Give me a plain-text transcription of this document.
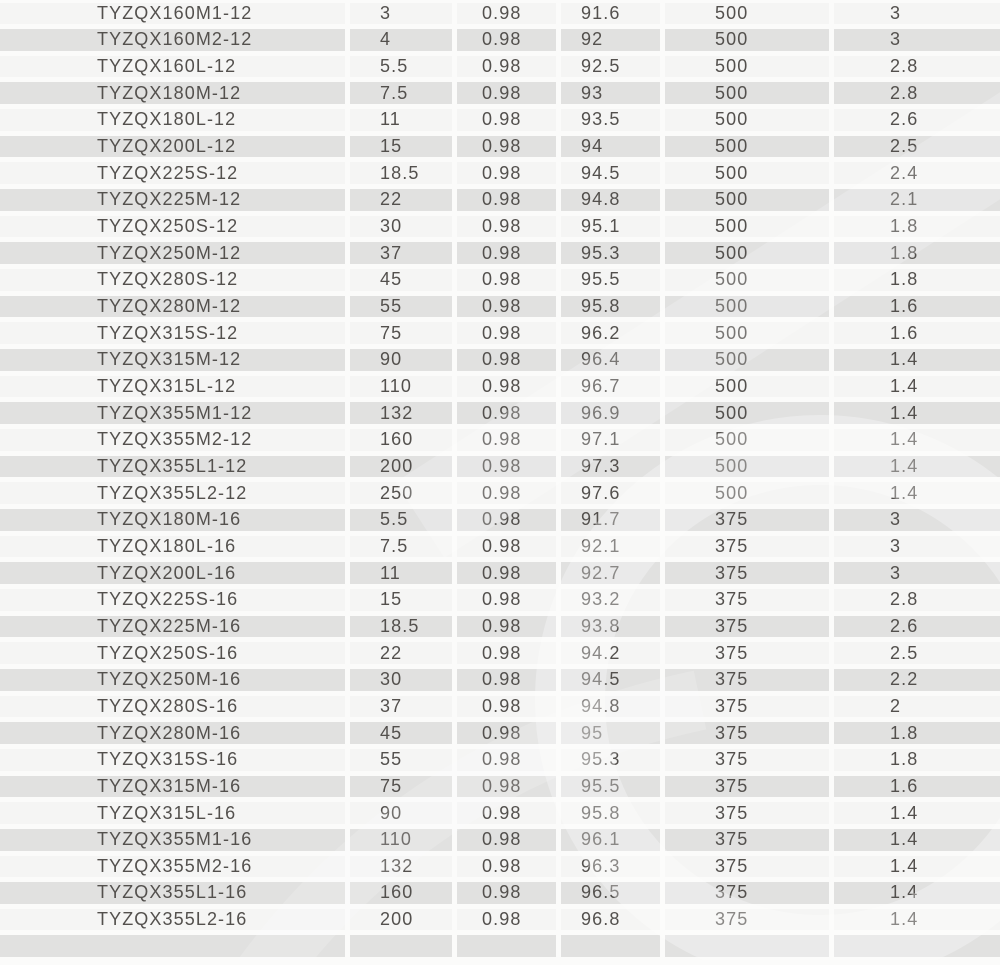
TYZQX160M1-12	3	0.98	91.6	500	3
TYZQX160M2-12	4	0.98	92	500	3
TYZQX160L-12	5.5	0.98	92.5	500	2.8
TYZQX180M-12	7.5	0.98	93	500	2.8
TYZQX180L-12	11	0.98	93.5	500	2.6
TYZQX200L-12	15	0.98	94	500	2.5
TYZQX225S-12	18.5	0.98	94.5	500	2.4
TYZQX225M-12	22	0.98	94.8	500	2.1
TYZQX250S-12	30	0.98	95.1	500	1.8
TYZQX250M-12	37	0.98	95.3	500	1.8
TYZQX280S-12	45	0.98	95.5	500	1.8
TYZQX280M-12	55	0.98	95.8	500	1.6
TYZQX315S-12	75	0.98	96.2	500	1.6
TYZQX315M-12	90	0.98	96.4	500	1.4
TYZQX315L-12	110	0.98	96.7	500	1.4
TYZQX355M1-12	132	0.98	96.9	500	1.4
TYZQX355M2-12	160	0.98	97.1	500	1.4
TYZQX355L1-12	200	0.98	97.3	500	1.4
TYZQX355L2-12	250	0.98	97.6	500	1.4
TYZQX180M-16	5.5	0.98	91.7	375	3
TYZQX180L-16	7.5	0.98	92.1	375	3
TYZQX200L-16	11	0.98	92.7	375	3
TYZQX225S-16	15	0.98	93.2	375	2.8
TYZQX225M-16	18.5	0.98	93.8	375	2.6
TYZQX250S-16	22	0.98	94.2	375	2.5
TYZQX250M-16	30	0.98	94.5	375	2.2
TYZQX280S-16	37	0.98	94.8	375	2
TYZQX280M-16	45	0.98	95	375	1.8
TYZQX315S-16	55	0.98	95.3	375	1.8
TYZQX315M-16	75	0.98	95.5	375	1.6
TYZQX315L-16	90	0.98	95.8	375	1.4
TYZQX355M1-16	110	0.98	96.1	375	1.4
TYZQX355M2-16	132	0.98	96.3	375	1.4
TYZQX355L1-16	160	0.98	96.5	375	1.4
TYZQX355L2-16	200	0.98	96.8	375	1.4
